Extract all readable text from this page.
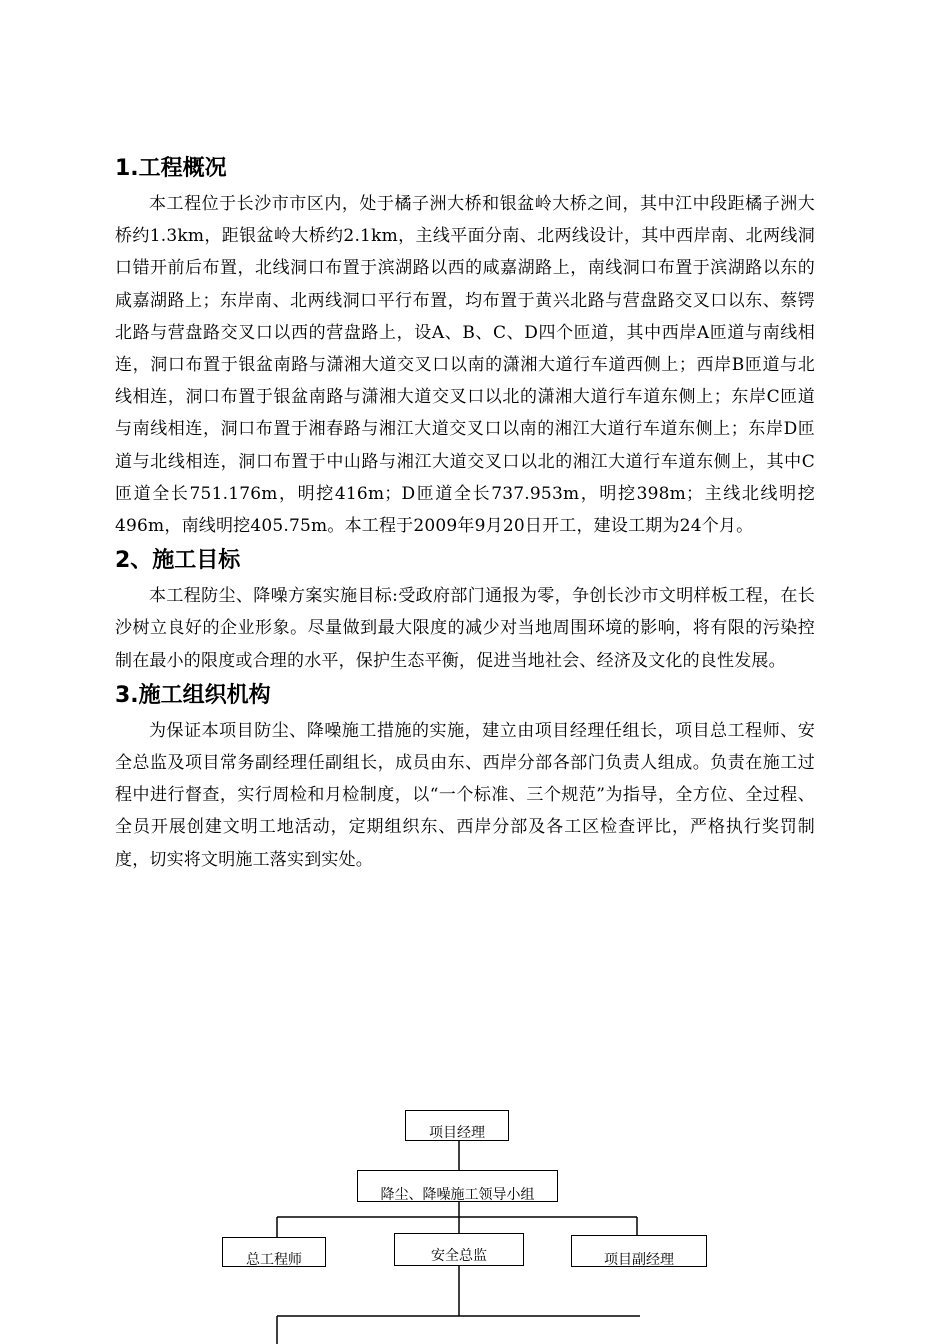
1.工程概况

本工程位于长沙市市区内，处于橘子洲大桥和银盆岭大桥之间，其中江中段距橘子洲大桥约1.3km，距银盆岭大桥约2.1km，主线平面分南、北两线设计，其中西岸南、北两线洞口错开前后布置，北线洞口布置于滨湖路以西的咸嘉湖路上，南线洞口布置于滨湖路以东的咸嘉湖路上；东岸南、北两线洞口平行布置，均布置于黄兴北路与营盘路交叉口以东、蔡锷北路与营盘路交叉口以西的营盘路上，设A、B、C、D四个匝道，其中西岸A匝道与南线相连，洞口布置于银盆南路与潇湘大道交叉口以南的潇湘大道行车道西侧上；西岸B匝道与北线相连，洞口布置于银盆南路与潇湘大道交叉口以北的潇湘大道行车道东侧上；东岸C匝道与南线相连，洞口布置于湘春路与湘江大道交叉口以南的湘江大道行车道东侧上；东岸D匝道与北线相连，洞口布置于中山路与湘江大道交叉口以北的湘江大道行车道东侧上，其中C匝道全长751.176m，明挖416m；D匝道全长737.953m，明挖398m；主线北线明挖496m，南线明挖405.75m。本工程于2009年9月20日开工，建设工期为24个月。

2、施工目标

本工程防尘、降噪方案实施目标:受政府部门通报为零，争创长沙市文明样板工程，在长沙树立良好的企业形象。尽量做到最大限度的减少对当地周围环境的影响，将有限的污染控制在最小的限度或合理的水平，保护生态平衡，促进当地社会、经济及文化的良性发展。

3.施工组织机构

为保证本项目防尘、降噪施工措施的实施，建立由项目经理任组长，项目总工程师、安全总监及项目常务副经理任副组长，成员由东、西岸分部各部门负责人组成。负责在施工过程中进行督查，实行周检和月检制度，以“一个标准、三个规范”为指导，全方位、全过程、全员开展创建文明工地活动，定期组织东、西岸分部及各工区检查评比，严格执行奖罚制度，切实将文明施工落实到实处。

项目经理
降尘、降噪施工领导小组
总工程师	安全总监	项目副经理
